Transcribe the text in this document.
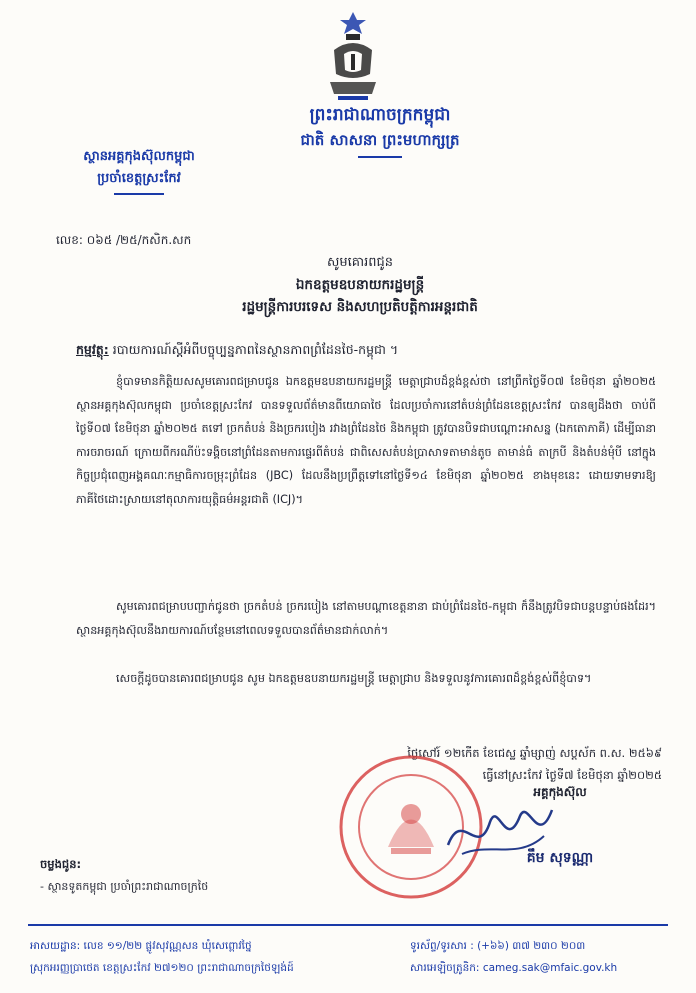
ព្រះរាជាណាចក្រកម្ពុជា
ជាតិ សាសនា ព្រះមហាក្សត្រ
ស្ថានអគ្គកុងស៊ុលកម្ពុជា
ប្រចាំខេត្តស្រះកែវ
លេខ: ០៦៥ /២៥/កសិក.សក
សូមគោរពជូន
ឯកឧត្តមឧបនាយករដ្ឋមន្ត្រី
រដ្ឋមន្ត្រីការបរទេស និងសហប្រតិបត្តិការអន្តរជាតិ
កម្មវត្ថុ: របាយការណ៍ស្តីអំពីបច្ចុប្បន្នភាពនៃស្ថានភាពព្រំដែនថៃ-កម្ពុជា ។
ខ្ញុំបាទមានកិត្តិយសសូមគោរពជម្រាបជូន ឯកឧត្តមឧបនាយករដ្ឋមន្ត្រី មេត្តាជ្រាបដ៏ខ្ពង់ខ្ពស់ថា នៅព្រឹកថ្ងៃទី០៧ ខែមិថុនា ឆ្នាំ២០២៥ ស្ថានអគ្គកុងស៊ុលកម្ពុជា ប្រចាំខេត្តស្រះកែវ បានទទួលព័ត៌មានពីយោធាថៃ ដែលប្រចាំការនៅតំបន់ព្រំដែនខេត្តស្រះកែវ បានឲ្យដឹងថា ចាប់ពីថ្ងៃទី០៧ ខែមិថុនា ឆ្នាំ២០២៥ តទៅ ច្រកតំបន់ និងច្រករបៀង រវាងព្រំដែនថៃ និងកម្ពុជា ត្រូវបានបិទជាបណ្តោះអាសន្ន (ឯកតោភាគី) ដើម្បីធានាការចរាចរណ៍ ក្រោយពីករណីប៉ះទង្គិចនៅព្រំដែនតាមការផ្ទេរពីតំបន់ ជាពិសេសតំបន់ប្រាសាទតាមាន់តូច តាមាន់ធំ តាក្របី និងតំបន់មុំបី នៅក្នុងកិច្ចប្រជុំពេញអង្គគណៈកម្មាធិការចម្រុះព្រំដែន (JBC) ដែលនឹងប្រព្រឹត្តទៅនៅថ្ងៃទី១៤ ខែមិថុនា ឆ្នាំ២០២៥ ខាងមុខនេះ ដោយទាមទារឱ្យភាគីថៃដោះស្រាយនៅតុលាការយុត្តិធម៌អន្តរជាតិ (ICJ)។
សូមគោរពជម្រាបបញ្ជាក់ជូនថា ច្រកតំបន់ ច្រករបៀង នៅតាមបណ្តាខេត្តនានា ជាប់ព្រំដែនថៃ-កម្ពុជា ក៏នឹងត្រូវបិទជាបន្តបន្ទាប់ផងដែរ។ ស្ថានអគ្គកុងស៊ុលនឹងរាយការណ៍បន្ថែមនៅពេលទទួលបានព័ត៌មានជាក់លាក់។
សេចក្តីដូចបានគោរពជម្រាបជូន សូម ឯកឧត្តមឧបនាយករដ្ឋមន្ត្រី មេត្តាជ្រាប និងទទួលនូវការគោរពដ៏ខ្ពង់ខ្ពស់ពីខ្ញុំបាទ។
ថ្ងៃសៅរ៍ ១២កើត ខែជេស្ឋ ឆ្នាំម្សាញ់ សប្តស័ក ព.ស. ២៥៦៩
ធ្វើនៅស្រះកែវ ថ្ងៃទី៧ ខែមិថុនា ឆ្នាំ២០២៥
អគ្គកុងស៊ុល
គឹម សុទណ្ណា
ចម្លងជូន:
- ស្ថានទូតកម្ពុជា ប្រចាំព្រះរាជាណាចក្រថៃ
អាសយដ្ឋាន: លេខ ១១/២២ ផ្លូវសុវណ្ណសន ឃុំសេព្ពោវថ្នៃ
ស្រុកអរញ្ញប្រាថេត ខេត្តស្រះកែវ ២៧១២០ ព្រះរាជាណាចក្រថៃឡង់ដ៍
ទូរស័ព្ទ/ទូរសារ : (+៦៦) ៣៧ ២៣០ ២០៣
សារអេឡិចត្រូនិក: cameg.sak@mfaic.gov.kh
